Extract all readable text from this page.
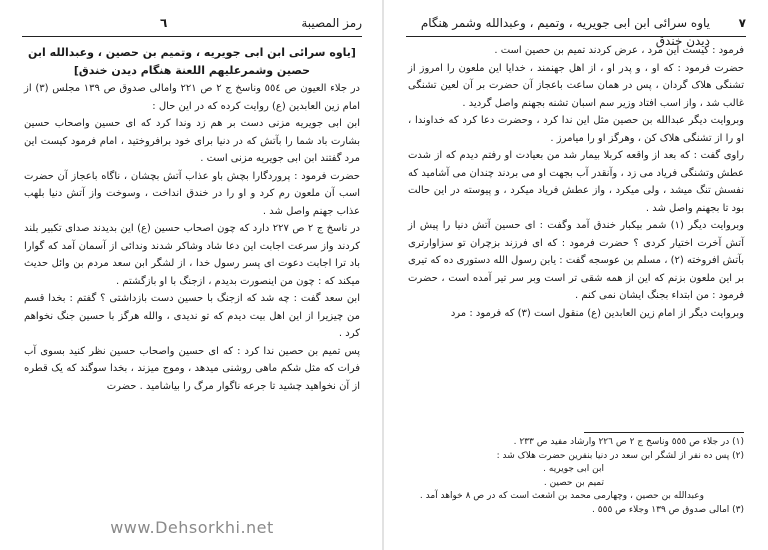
٦	رمز المصیبة

[یاوه سرائی ابن ابی جویریه ، وتمیم بن حصین ، وعبدالله ابن حصین وشمرعلیهم اللعنة هنگام دیدن خندق]

در جلاء العیون ص ٥٥٤ وناسخ ج ٢ ص ٢٢١ وامالی صدوق ص ١٣٩ مجلس (٣) از امام زین العابدین (ع) روایت کرده که در این حال :

ابن ابی جویریه مزنی دست بر هم زد وندا کرد که ای حسین واصحاب حسین بشارت باد شما را بآتش که در دنیا برای خود برافروختید ، امام فرمود کیست این مرد گفتند ابن ابی جویریه مزنی است .

حضرت فرمود : پروردگارا بچش باو عذاب آتش بچشان ، ناگاه باعجاز آن حضرت اسب آن ملعون رم کرد و او را در خندق انداخت ، وسوخت واز آتش دنیا بلهب عذاب جهنم واصل شد .

در ناسخ ج ٢ ص ٢٢٧ دارد که چون اصحاب حسین (ع) این بدیدند صدای تکبیر بلند کردند واز سرعت اجابت این دعا شاد وشاکر شدند وندائی از آسمان آمد که گوارا باد ترا اجابت دعوت ای پسر رسول خدا ، از لشگر ابن سعد مردم بن وائل حدیث میکند که : چون من اینصورت بدیدم ، ازجنگ با او بازگشتم .

ابن سعد گفت : چه شد که ازجنگ با حسین دست بازداشتی ؟ گفتم : بخدا قسم من چیزیرا از این اهل بیت دیدم که تو ندیدی ، والله هرگز با حسین جنگ نخواهم کرد .

پس تمیم بن حصین ندا کرد : که ای حسین واصحاب حسین نظر کنید بسوی آب فرات که مثل شکم ماهی روشنی میدهد ، وموج میزند ، بخدا سوگند که یک قطره از آن نخواهید چشید تا جرعه ناگوار مرگ را بیاشامید . حضرت

www.Dehsorkhi.net
٧
یاوه سرائی ابن ابی جویریه ، وتمیم ، وعبدالله وشمر هنگام دیدن خندق

فرمود : کیست این مرد ، عرض کردند تمیم بن حصین است .

حضرت فرمود : که او ، و پدر او ، از اهل جهنمند ، خدایا این ملعون را امروز از تشنگی هلاک گردان ، پس در همان ساعت باعجاز آن حضرت بر آن لعین تشنگی غالب شد ، واز اسب افتاد وزیر سم اسبان تشنه بجهنم واصل گردید .

وبروایت دیگر عبدالله بن حصین مثل این ندا کرد ، وحضرت دعا کرد که خداوندا ، او را از تشنگی هلاک کن ، وهرگز او را میامرز .

راوی گفت : که بعد از واقعه کربلا بیمار شد من بعیادت او رفتم دیدم که از شدت عطش وتشنگی فریاد می زد ، وآنقدر آب بجهت او می بردند چندان می آشامید که نفسش تنگ میشد ، ولی میکرد ، واز عطش فریاد میکرد ، و پیوسته در این حالت بود تا بجهنم واصل شد .

وبروایت دیگر (١) شمر بیکبار خندق آمد وگفت : ای حسین آتش دنیا را پیش از آتش آخرت اختیار کردی ؟ حضرت فرمود : که ای فرزند بزچران تو سزاوارتری بآتش افروخته (٢) ، مسلم بن عوسجه گفت : یابن رسول الله دستوری ده که تیری بر این ملعون بزنم که این از همه شقی تر است وبر سر تیر آمده است ، حضرت فرمود : من ابتداء بجنگ ایشان نمی کنم .

وبروایت دیگر از امام زین العابدین (ع) منقول است (٣) که فرمود : مرد

(١) در جلاء ص ٥٥٥ وناسخ ج ٢ ص ٢٢٦ وارشاد مفید ص ٢٣٣ .

(٢) پس ده نفر از لشگر ابن سعد در دنیا بنفرین حضرت هلاک شد :

ابن ابی جویریه .

تمیم بن حصین .

وعبدالله بن حصین ، وچهارمی محمد بن اشعث است که در ص ٨ خواهد آمد .

(٣) امالی صدوق ص ١٣٩ وجلاء ص ٥٥٥ .
